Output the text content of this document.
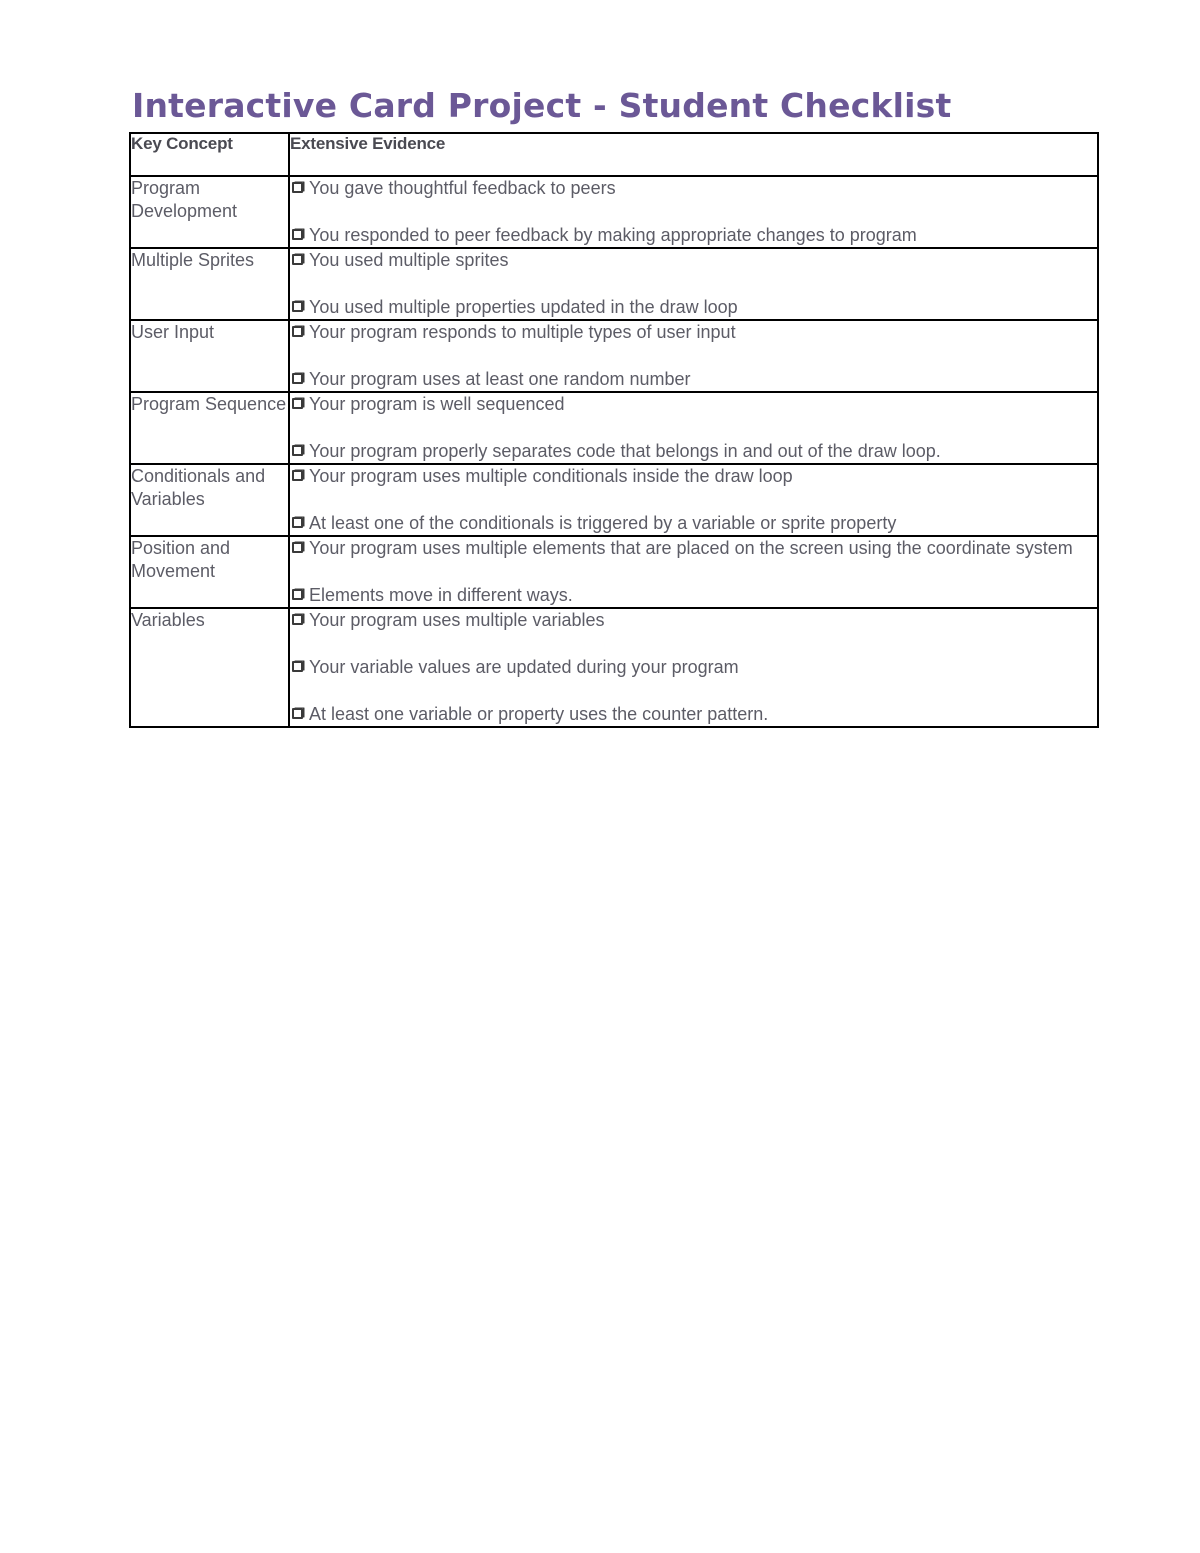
Interactive Card Project - Student Checklist
Key Concept	Extensive Evidence
Program Development	You gave thoughtful feedback to peers
You responded to peer feedback by making appropriate changes to program

Multiple Sprites	You used multiple sprites
You used multiple properties updated in the draw loop

User Input	Your program responds to multiple types of user input
Your program uses at least one random number

Program Sequence	Your program is well sequenced
Your program properly separates code that belongs in and out of the draw loop.

Conditionals and Variables	Your program uses multiple conditionals inside the draw loop
At least one of the conditionals is triggered by a variable or sprite property

Position and Movement	Your program uses multiple elements that are placed on the screen using the coordinate system
Elements move in different ways.

Variables	Your program uses multiple variables
Your variable values are updated during your program
At least one variable or property uses the counter pattern.
